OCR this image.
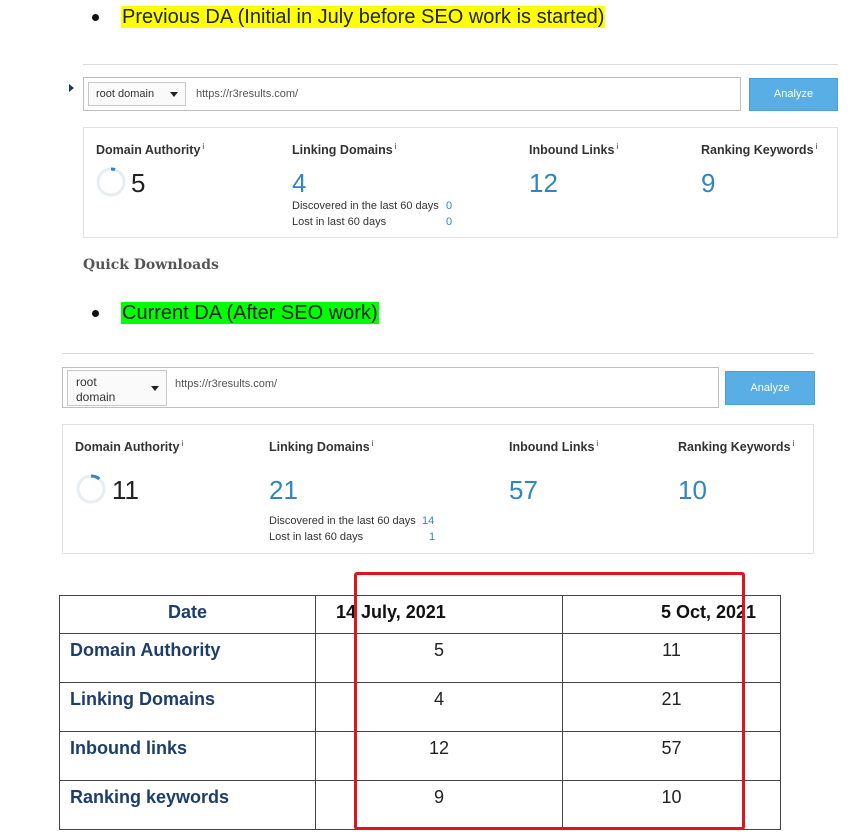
Previous DA (Initial in July before SEO work is started)
root domain	https://r3results.com/	Analyze
Domain Authority $^i$
5
Linking Domains $^i$
4
Discovered in the last 60 days 0
Lost in last 60 days	0
Inbound Links $^i$
12
Ranking Keywords $^i$
9
Quick Downloads
Current DA (After SEO work)
root
domain
https://r3results.com/	Analyze
Domain Authority $^i$
11
Linking Domains $^i$
21
Discovered in the last 60 days 14
Lost in last 60 days	1
Inbound Links $^i$
57
Ranking Keywords $^i$
10
Date	14 July, 2021	5 Oct, 2021
Domain Authority	5	11
Linking Domains	4	21
Inbound links	12	57
Ranking keywords	9	10
